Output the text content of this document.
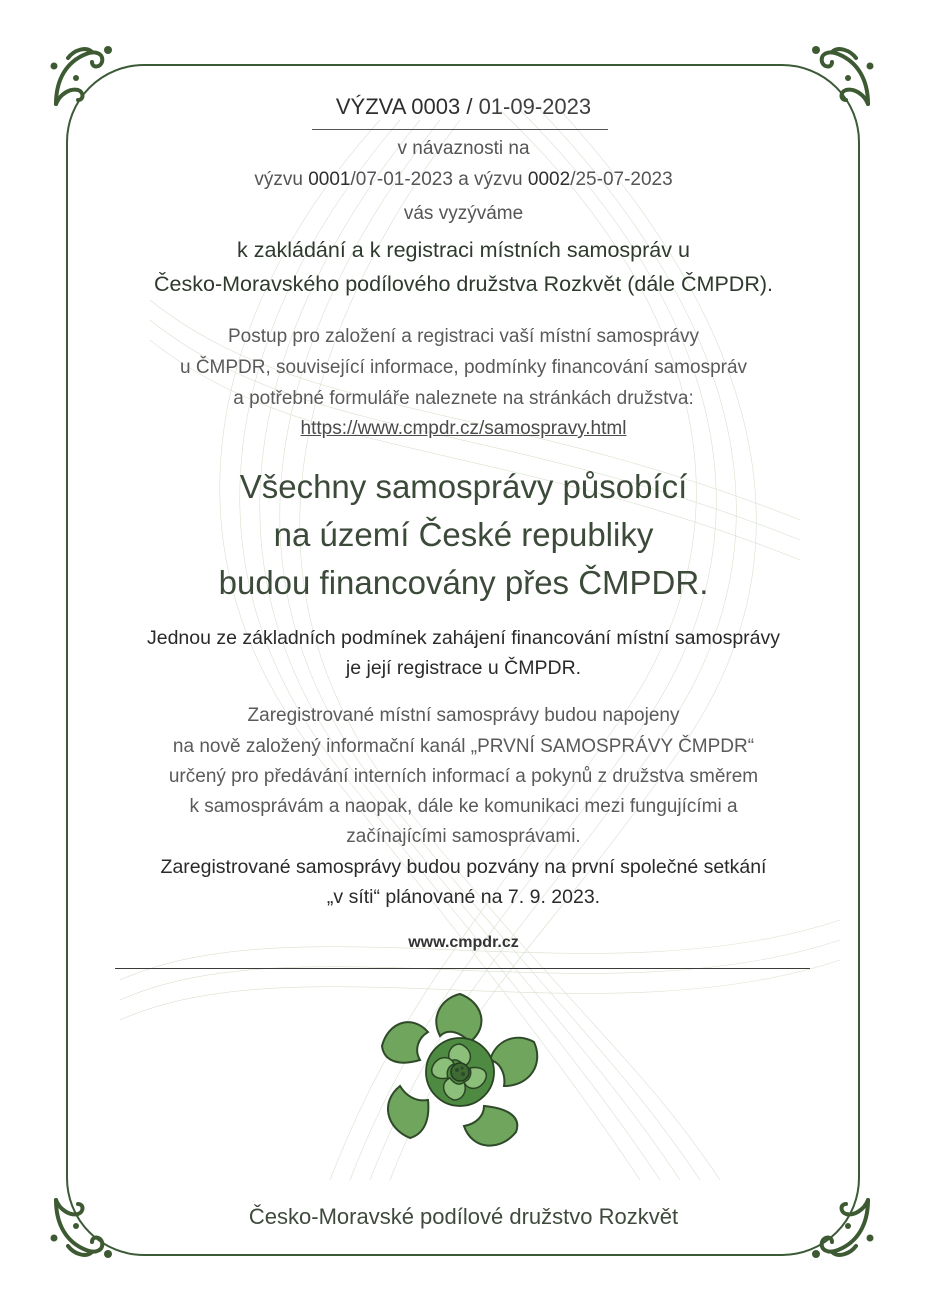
VÝZVA 0003 / 01-09-2023
v návaznosti na
výzvu 0001/07-01-2023 a výzvu 0002/25-07-2023
vás vyzýváme
k zakládání a k registraci místních samospráv u
Česko-Moravského podílového družstva Rozkvět (dále ČMPDR).
Postup pro založení a registraci vaší místní samosprávy
u ČMPDR, související informace, podmínky financování samospráv
a potřebné formuláře naleznete na stránkách družstva:
https://www.cmpdr.cz/samospravy.html
Všechny samosprávy působící
na území České republiky
budou financovány přes ČMPDR.
Jednou ze základních podmínek zahájení financování místní samosprávy
je její registrace u ČMPDR.
Zaregistrované místní samosprávy budou napojeny
na nově založený informační kanál „PRVNÍ SAMOSPRÁVY ČMPDR“
určený pro předávání interních informací a pokynů z družstva směrem
k samosprávám a naopak, dále ke komunikaci mezi fungujícími a
začínajícími samosprávami.
Zaregistrované samosprávy budou pozvány na první společné setkání
„v síti“ plánované na 7. 9. 2023.
www.cmpdr.cz
Česko-Moravské podílové družstvo Rozkvět
